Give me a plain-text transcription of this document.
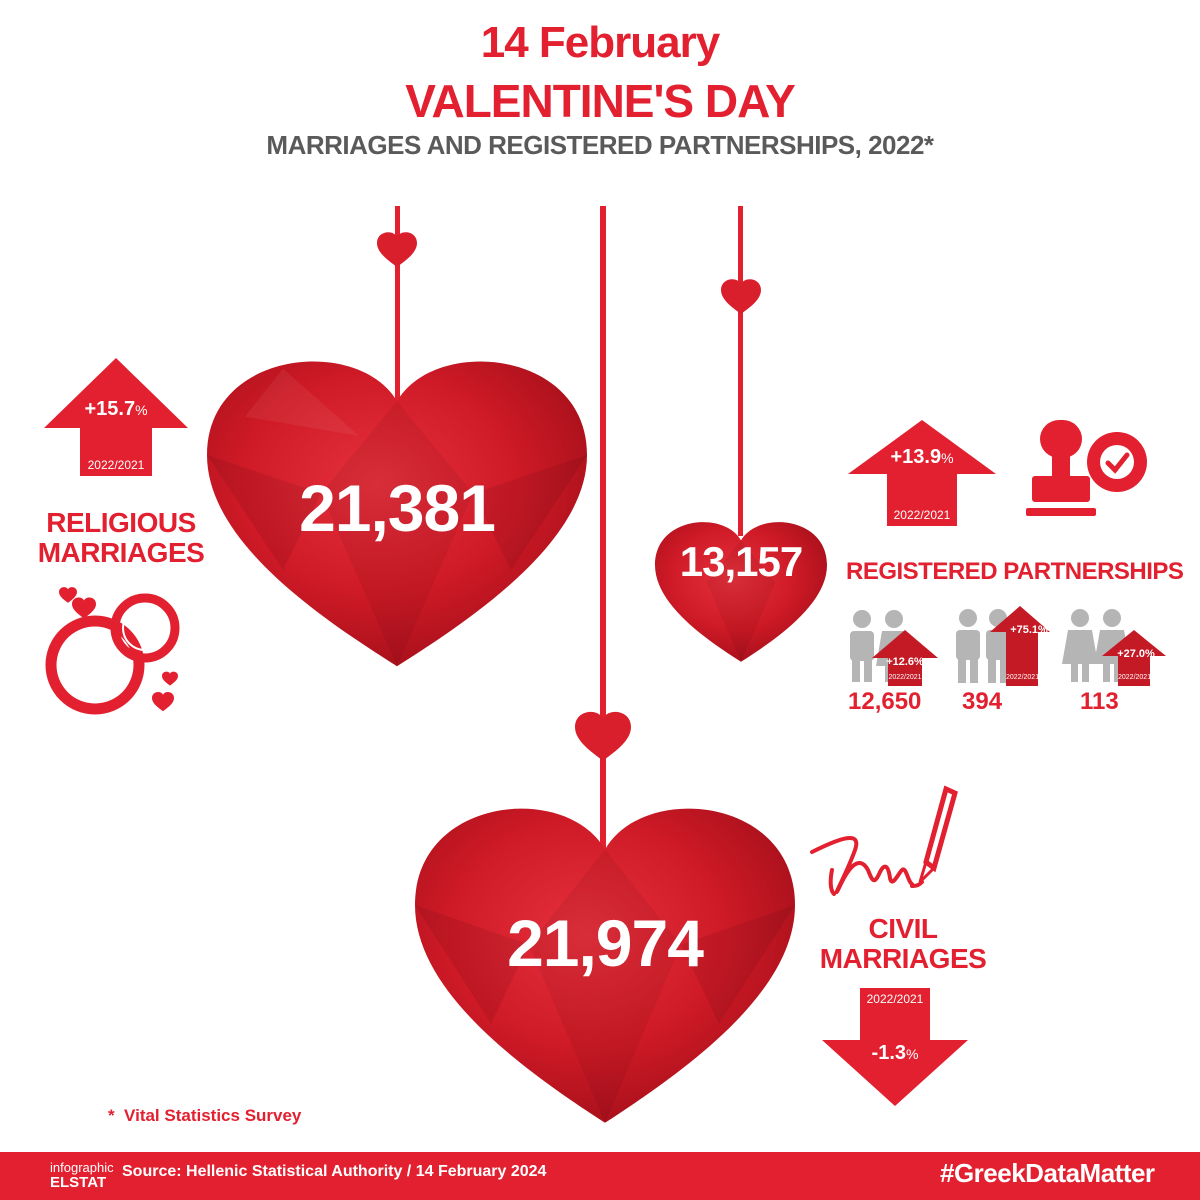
14 February
VALENTINE'S DAY
MARRIAGES AND REGISTERED PARTNERSHIPS, 2022*
21,381
13,157
21,974
+15.7%
2022/2021
RELIGIOUS
MARRIAGES
+13.9%
2022/2021
REGISTERED PARTNERSHIPS
+12.6%
2022/2021
12,650
+75.1%
2022/2021
394
+27.0%
2022/2021
113
CIVIL
MARRIAGES
2022/2021
-1.3%
*  Vital Statistics Survey
infographic
ELSTAT
Source: Hellenic Statistical Authority / 14 February 2024	#GreekDataMatter
